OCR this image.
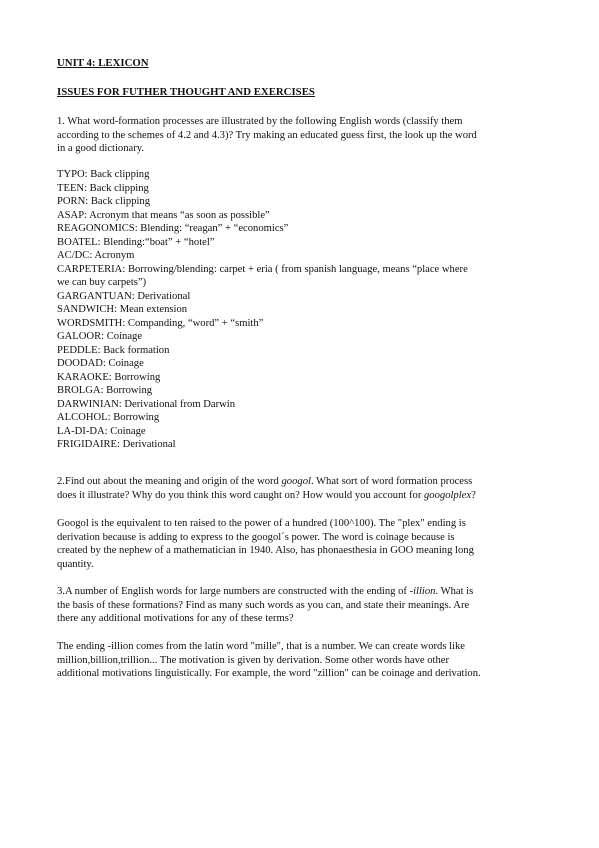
UNIT 4: LEXICON
ISSUES FOR FUTHER THOUGHT AND EXERCISES
1. What word-formation processes are illustrated by the following English words (classify them
according to the schemes of 4.2 and 4.3)? Try making an educated guess first, the look up the word
in a good dictionary.
TYPO: Back clipping
TEEN: Back clipping
PORN: Back clipping
ASAP: Acronym that means “as soon as possible”
REAGONOMICS: Blending: “reagan” + “economics”
BOATEL: Blending:“boat” + “hotel”
AC/DC: Acronym
CARPETERIA: Borrowing/blending: carpet + eria ( from spanish language, means “place where
we can buy carpets”)
GARGANTUAN: Derivational
SANDWICH: Mean extension
WORDSMITH: Companding, “word” + “smith”
GALOOR: Coinage
PEDDLE: Back formation
DOODAD: Coinage
KARAOKE: Borrowing
BROLGA: Borrowing
DARWINIAN: Derivational from Darwin
ALCOHOL: Borrowing
LA-DI-DA: Coinage
FRIGIDAIRE: Derivational
2.Find out about the meaning and origin of the word googol. What sort of word formation process
does it illustrate? Why do you think this word caught on? How would you account for googolplex?
Googol is the equivalent to ten raised to the power of a hundred (100^100). The "plex" ending is
derivation because is adding to express to the googol´s power. The word is coinage because is
created by the nephew of a mathematician in 1940. Also, has phonaesthesia in GOO meaning long
quantity.
3.A number of English words for large numbers are constructed with the ending of -illion. What is
the basis of these formations? Find as many such words as you can, and state their meanings. Are
there any additional motivations for any of these terms?
The ending -illion comes from the latin word "mille", that is a number. We can create words like
million,billion,trillion... The motivation is given by derivation. Some other words have other
additional motivations linguistically. For example, the word "zillion" can be coinage and derivation.
